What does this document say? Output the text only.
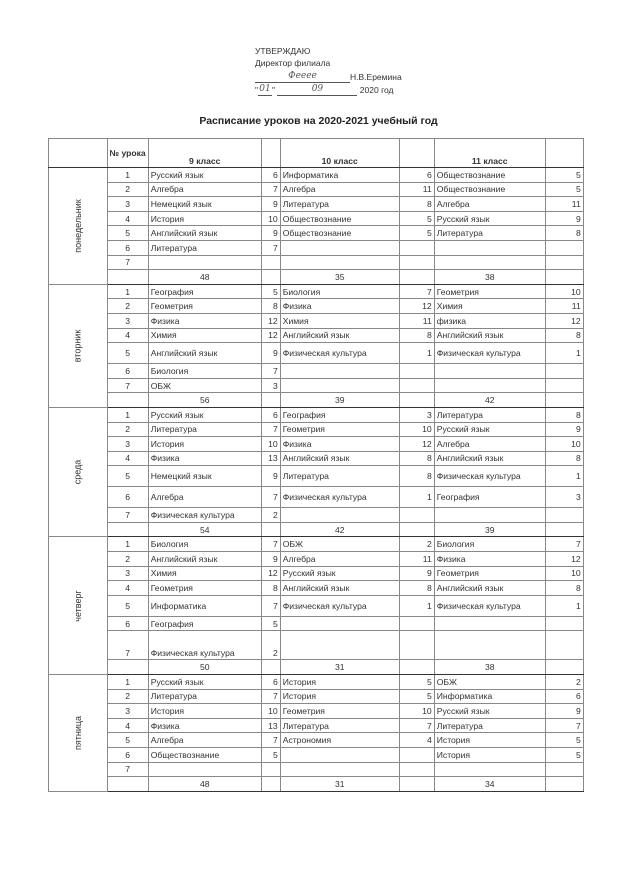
УТВЕРЖДАЮ
Директор филиала
Фееее	Н.В.Еремина
"01"	09	2020 год
Расписание уроков на 2020-2021 учебный год
	№ урока	9 класс		10 класс		11 класс	
понедельник	1	Русский язык	6	Информатика	6	Обществознание	5
	2	Алгебра	7	Алгебра	11	Обществознание	5
	3	Немецкий язык	9	Литература	8	Алгебра	11
	4	История	10	Обществознание	5	Русский язык	9
	5	Английский язык	9	Обществознание	5	Литература	8
	6	Литература	7				
	7						
		48		35		38	
вторник	1	География	5	Биология	7	Геометрия	10
	2	Геометрия	8	Физика	12	Химия	11
	3	Физика	12	Химия	11	физика	12
	4	Химия	12	Английский язык	8	Английский язык	8
	5	Английский язык	9	Физическая культура	1	Физическая культура	1
	6	Биология	7				
	7	ОБЖ	3				
		56		39		42	
среда	1	Русский язык	6	География	3	Литература	8
	2	Литература	7	Геометрия	10	Русский язык	9
	3	История	10	Физика	12	Алгебра	10
	4	Физика	13	Английский язык	8	Английский язык	8
	5	Немецкий язык	9	Литература	8	Физическая культура	1
	6	Алгебра	7	Физическая культура	1	География	3
	7	Физическая культура	2				
		54		42		39	
четверг	1	Биология	7	ОБЖ	2	Биология	7
	2	Английский язык	9	Алгебра	11	Физика	12
	3	Химия	12	Русский язык	9	Геометрия	10
	4	Геометрия	8	Английский язык	8	Английский язык	8
	5	Информатика	7	Физическая культура	1	Физическая культура	1
	6	География	5				
	7	Физическая культура	2				
		50		31		38	
пятница	1	Русский язык	6	История	5	ОБЖ	2
	2	Литература	7	История	5	Информатика	6
	3	История	10	Геометрия	10	Русский язык	9
	4	Физика	13	Литература	7	Литература	7
	5	Алгебра	7	Астрономия	4	История	5
	6	Обществознание	5			История	5
	7						
		48		31		34	
